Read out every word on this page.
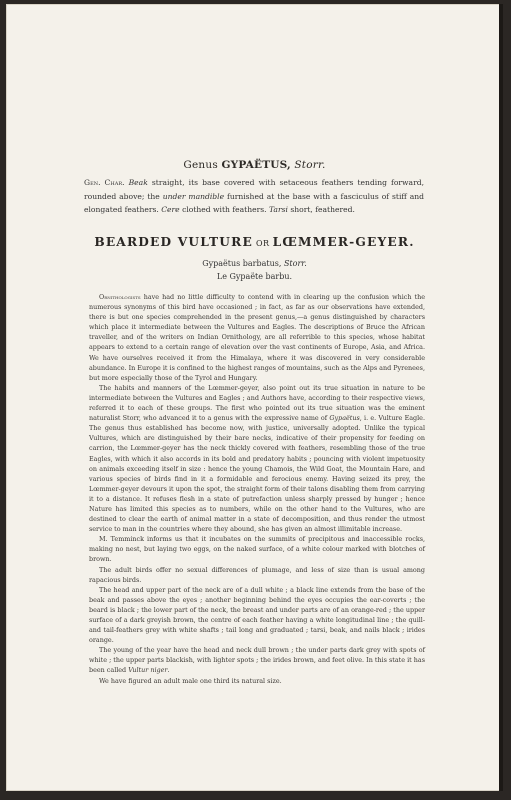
Genus GYPAËTUS, Storr.
Gen. Char. Beak straight, its base covered with setaceous feathers tending forward, rounded above; the under mandible furnished at the base with a fasciculus of stiff and elongated feathers. Cere clothed with feathers. Tarsi short, feathered.
BEARDED VULTURE OR LŒMMER-GEYER.
Gypaëtus barbatus, Storr.
Le Gypaëte barbu.

Ornithologists have had no little difficulty to contend with in clearing up the confusion which the numerous synonyms of this bird have occasioned ; in fact, as far as our observations have extended, there is but one species comprehended in the present genus,—a genus distinguished by characters which place it intermediate between the Vultures and Eagles. The descriptions of Bruce the African traveller, and of the writers on Indian Ornithology, are all referrible to this species, whose habitat appears to extend to a certain range of elevation over the vast continents of Europe, Asia, and Africa. We have ourselves received it from the Himalaya, where it was discovered in very considerable abundance. In Europe it is confined to the highest ranges of mountains, such as the Alps and Pyrenees, but more especially those of the Tyrol and Hungary.

The habits and manners of the Lœmmer-geyer, also point out its true situation in nature to be intermediate between the Vultures and Eagles ; and Authors have, according to their respective views, referred it to each of these groups. The first who pointed out its true situation was the eminent naturalist Storr, who advanced it to a genus with the expressive name of Gypaëtus, i. e. Vulture Eagle. The genus thus established has become now, with justice, universally adopted. Unlike the typical Vultures, which are distinguished by their bare necks, indicative of their propensity for feeding on carrion, the Lœmmer-geyer has the neck thickly covered with feathers, resembling those of the true Eagles, with which it also accords in its bold and predatory habits ; pouncing with violent impetuosity on animals exceeding itself in size : hence the young Chamois, the Wild Goat, the Mountain Hare, and various species of birds find in it a formidable and ferocious enemy. Having seized its prey, the Lœmmer-geyer devours it upon the spot, the straight form of their talons disabling them from carrying it to a distance. It refuses flesh in a state of putrefaction unless sharply pressed by hunger ; hence Nature has limited this species as to numbers, while on the other hand to the Vultures, who are destined to clear the earth of animal matter in a state of decomposition, and thus render the utmost service to man in the countries where they abound, she has given an almost illimitable increase.

M. Temminck informs us that it incubates on the summits of precipitous and inaccessible rocks, making no nest, but laying two eggs, on the naked surface, of a white colour marked with blotches of brown.

The adult birds offer no sexual differences of plumage, and less of size than is usual among rapacious birds.

The head and upper part of the neck are of a dull white ; a black line extends from the base of the beak and passes above the eyes ; another beginning behind the eyes occupies the ear-coverts ; the beard is black ; the lower part of the neck, the breast and under parts are of an orange-red ; the upper surface of a dark greyish brown, the centre of each feather having a white longitudinal line ; the quill- and tail-feathers grey with white shafts ; tail long and graduated ; tarsi, beak, and nails black ; irides orange.

The young of the year have the head and neck dull brown ; the under parts dark grey with spots of white ; the upper parts blackish, with lighter spots ; the irides brown, and feet olive. In this state it has been called Vultur niger.

We have figured an adult male one third its natural size.
